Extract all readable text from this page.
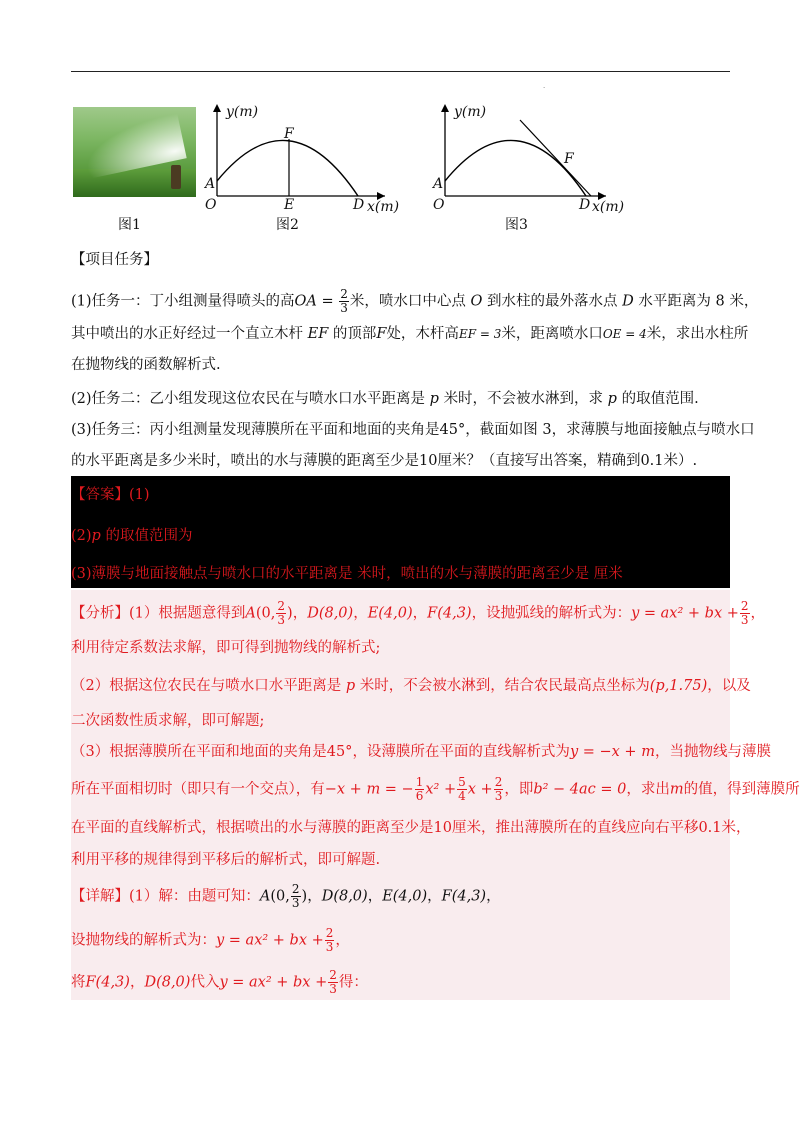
·
图1
y(m)
x(m)
A
O	E	D
F
图2
y(m)
x(m)
A
O	D
F
图3
【项目任务】
(1)任务一：丁小组测量得喷头的高OA = $\frac{2}{3}$ 米，喷水口中心点 O 到水柱的最外落水点 D 水平距离为 8 米，
其中喷出的水正好经过一个直立木杆 EF 的顶部F处，木杆高EF = 3米，距离喷水口OE = 4米，求出水柱所
在抛物线的函数解析式.
(2)任务二：乙小组发现这位农民在与喷水口水平距离是 p 米时，不会被水淋到，求 p 的取值范围.
(3)任务三：丙小组测量发现薄膜所在平面和地面的夹角是45°，截面如图 3，求薄膜与地面接触点与喷水口
的水平距离是多少米时，喷出的水与薄膜的距离至少是10厘米？（直接写出答案，精确到0.1米）.
【答案】(1)
(2)p 的取值范围为
(3)薄膜与地面接触点与喷水口的水平距离是 米时，喷出的水与薄膜的距离至少是 厘米
【分析】(1）根据题意得到A(0, $\frac{2}{3}$ )，D(8,0)，E(4,0)，F(4,3)，设抛弧线的解析式为：y = ax² + bx + $\frac{2}{3}$ ，
利用待定系数法求解，即可得到抛物线的解析式;
（2）根据这位农民在与喷水口水平距离是 p 米时，不会被水淋到，结合农民最高点坐标为(p,1.75)，以及
二次函数性质求解，即可解题;
（3）根据薄膜所在平面和地面的夹角是45°，设薄膜所在平面的直线解析式为y = −x + m，当抛物线与薄膜
所在平面相切时（即只有一个交点），有−x + m = − $\frac{1}{6} x^2 + \frac{5}{4}$ $x + \frac{2}{3}$ ，即b² − 4ac = 0，求出m的值，得到薄膜所
在平面的直线解析式，根据喷出的水与薄膜的距离至少是10厘米，推出薄膜所在的直线应向右平移0.1米，
利用平移的规律得到平移后的解析式，即可解题.
【详解】(1）解：由题可知：A(0, $\frac{2}{3}$ )，D(8,0)，E(4,0)，F(4,3)，
设抛物线的解析式为：y = ax² + bx + $\frac{2}{3}$ ，
将F(4,3)，D(8,0)代入y = ax² + bx + $\frac{2}{3}$ 得：
